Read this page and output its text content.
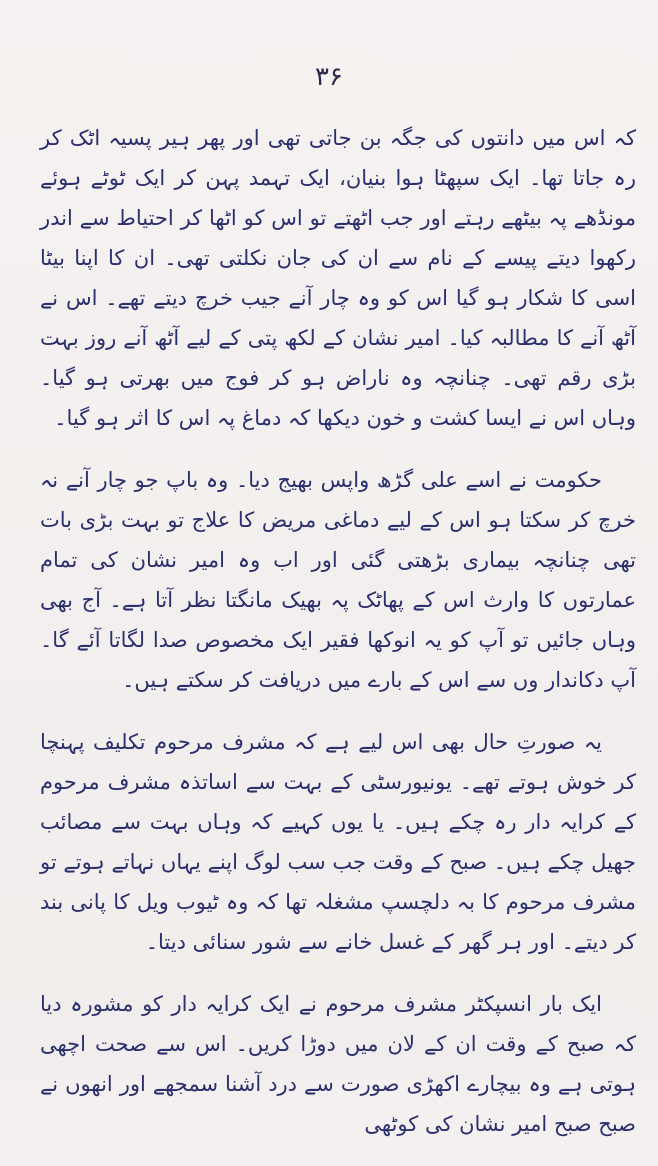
۳۶

کہ اس میں دانتوں کی جگہ بن جاتی تھی اور پھر ہیر پسیہ اٹک کر رہ جاتا تھا۔ ایک سپھٹا ہوا بنیان، ایک تہمد پہن کر ایک ٹوٹے ہوئے مونڈھے پہ بیٹھے رہتے اور جب اٹھتے تو اس کو اٹھا کر احتیاط سے اندر رکھوا دیتے پیسے کے نام سے ان کی جان نکلتی تھی۔ ان کا اپنا بیٹا اسی کا شکار ہو گیا اس کو وہ چار آنے جیب خرچ دیتے تھے۔ اس نے آٹھ آنے کا مطالبہ کیا۔ امیر نشان کے لکھ پتی کے لیے آٹھ آنے روز بہت بڑی رقم تھی۔ چنانچہ وہ ناراض ہو کر فوج میں بھرتی ہو گیا۔ وہاں اس نے ایسا کشت و خون دیکھا کہ دماغ پہ اس کا اثر ہو گیا۔

حکومت نے اسے علی گڑھ واپس بھیج دیا۔ وہ باپ جو چار آنے نہ خرچ کر سکتا ہو اس کے لیے دماغی مریض کا علاج تو بہت بڑی بات تھی چنانچہ بیماری بڑھتی گئی اور اب وہ امیر نشان کی تمام عمارتوں کا وارث اس کے پھاٹک پہ بھیک مانگتا نظر آتا ہے۔ آج بھی وہاں جائیں تو آپ کو یہ انوکھا فقیر ایک مخصوص صدا لگاتا آئے گا۔ آپ دکاندار وں سے اس کے بارے میں دریافت کر سکتے ہیں۔

یہ صورتِ حال بھی اس لیے ہے کہ مشرف مرحوم تکلیف پہنچا کر خوش ہوتے تھے۔ یونیورسٹی کے بہت سے اساتذہ مشرف مرحوم کے کرایہ دار رہ چکے ہیں۔ یا یوں کہیے کہ وہاں بہت سے مصائب جھیل چکے ہیں۔ صبح کے وقت جب سب لوگ اپنے یہاں نہاتے ہوتے تو مشرف مرحوم کا بہ دلچسپ مشغلہ تھا کہ وہ ٹیوب ویل کا پانی بند کر دیتے۔ اور ہر گھر کے غسل خانے سے شور سنائی دیتا۔

ایک بار انسپکٹر مشرف مرحوم نے ایک کرایہ دار کو مشورہ دیا کہ صبح کے وقت ان کے لان میں دوڑا کریں۔ اس سے صحت اچھی ہوتی ہے وہ بیچارے اکھڑی صورت سے درد آشنا سمجھے اور انھوں نے صبح صبح امیر نشان کی کوٹھی
